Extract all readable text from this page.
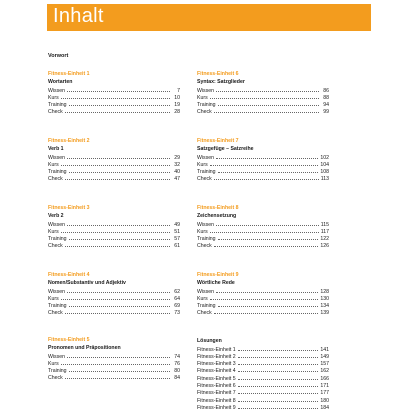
Inhalt
Vorwort
Fitness-Einheit 1
Wortarten
Wissen	7
Kurs	10
Training	19
Check	28
Fitness-Einheit 2
Verb 1
Wissen	29
Kurs	32
Training	40
Check	47
Fitness-Einheit 3
Verb 2
Wissen	49
Kurs	51
Training	57
Check	61
Fitness-Einheit 4
Nomen/Substantiv und Adjektiv
Wissen	62
Kurs	64
Training	69
Check	73
Fitness-Einheit 5
Pronomen und Präpositionen
Wissen	74
Kurs	76
Training	80
Check	84
Fitness-Einheit 6
Syntax: Satzglieder
Wissen	86
Kurs	88
Training	94
Check	99
Fitness-Einheit 7
Satzgefüge – Satzreihe
Wissen	102
Kurs	104
Training	108
Check	113
Fitness-Einheit 8
Zeichensetzung
Wissen	115
Kurs	117
Training	122
Check	126
Fitness-Einheit 9
Wörtliche Rede
Wissen	128
Kurs	130
Training	134
Check	139
Lösungen
Fitness-Einheit 1	141
Fitness-Einheit 2	149
Fitness-Einheit 3	157
Fitness-Einheit 4	162
Fitness-Einheit 5	166
Fitness-Einheit 6	171
Fitness-Einheit 7	177
Fitness-Einheit 8	180
Fitness-Einheit 9	184
